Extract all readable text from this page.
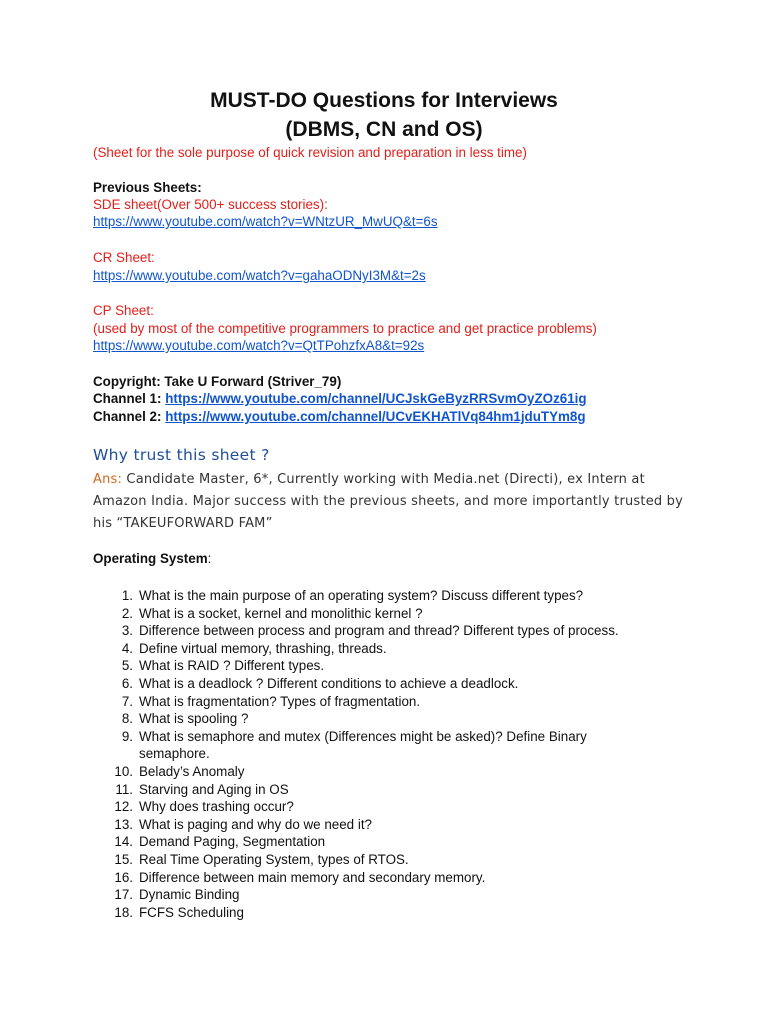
MUST-DO Questions for Interviews
(DBMS, CN and OS)
(Sheet for the sole purpose of quick revision and preparation in less time)
Previous Sheets:
SDE sheet(Over 500+ success stories):
https://www.youtube.com/watch?v=WNtzUR_MwUQ&t=6s
CR Sheet:
https://www.youtube.com/watch?v=gahaODNyI3M&t=2s
CP Sheet:
(used by most of the competitive programmers to practice and get practice problems)
https://www.youtube.com/watch?v=QtTPohzfxA8&t=92s
Copyright: Take U Forward (Striver_79)
Channel 1: https://www.youtube.com/channel/UCJskGeByzRRSvmOyZOz61ig
Channel 2: https://www.youtube.com/channel/UCvEKHATlVq84hm1jduTYm8g
Why trust this sheet ?
Ans: Candidate Master, 6*, Currently working with Media.net (Directi), ex Intern at Amazon India. Major success with the previous sheets, and more importantly trusted by his “TAKEUFORWARD FAM”
Operating System:
1. What is the main purpose of an operating system? Discuss different types?
2. What is a socket, kernel and monolithic kernel ?
3. Difference between process and program and thread? Different types of process.
4. Define virtual memory, thrashing, threads.
5. What is RAID ? Different types.
6. What is a deadlock ? Different conditions to achieve a deadlock.
7. What is fragmentation? Types of fragmentation.
8. What is spooling ?
9. What is semaphore and mutex (Differences might be asked)? Define Binary semaphore.
10. Belady’s Anomaly
11. Starving and Aging in OS
12. Why does trashing occur?
13. What is paging and why do we need it?
14. Demand Paging, Segmentation
15. Real Time Operating System, types of RTOS.
16. Difference between main memory and secondary memory.
17. Dynamic Binding
18. FCFS Scheduling
